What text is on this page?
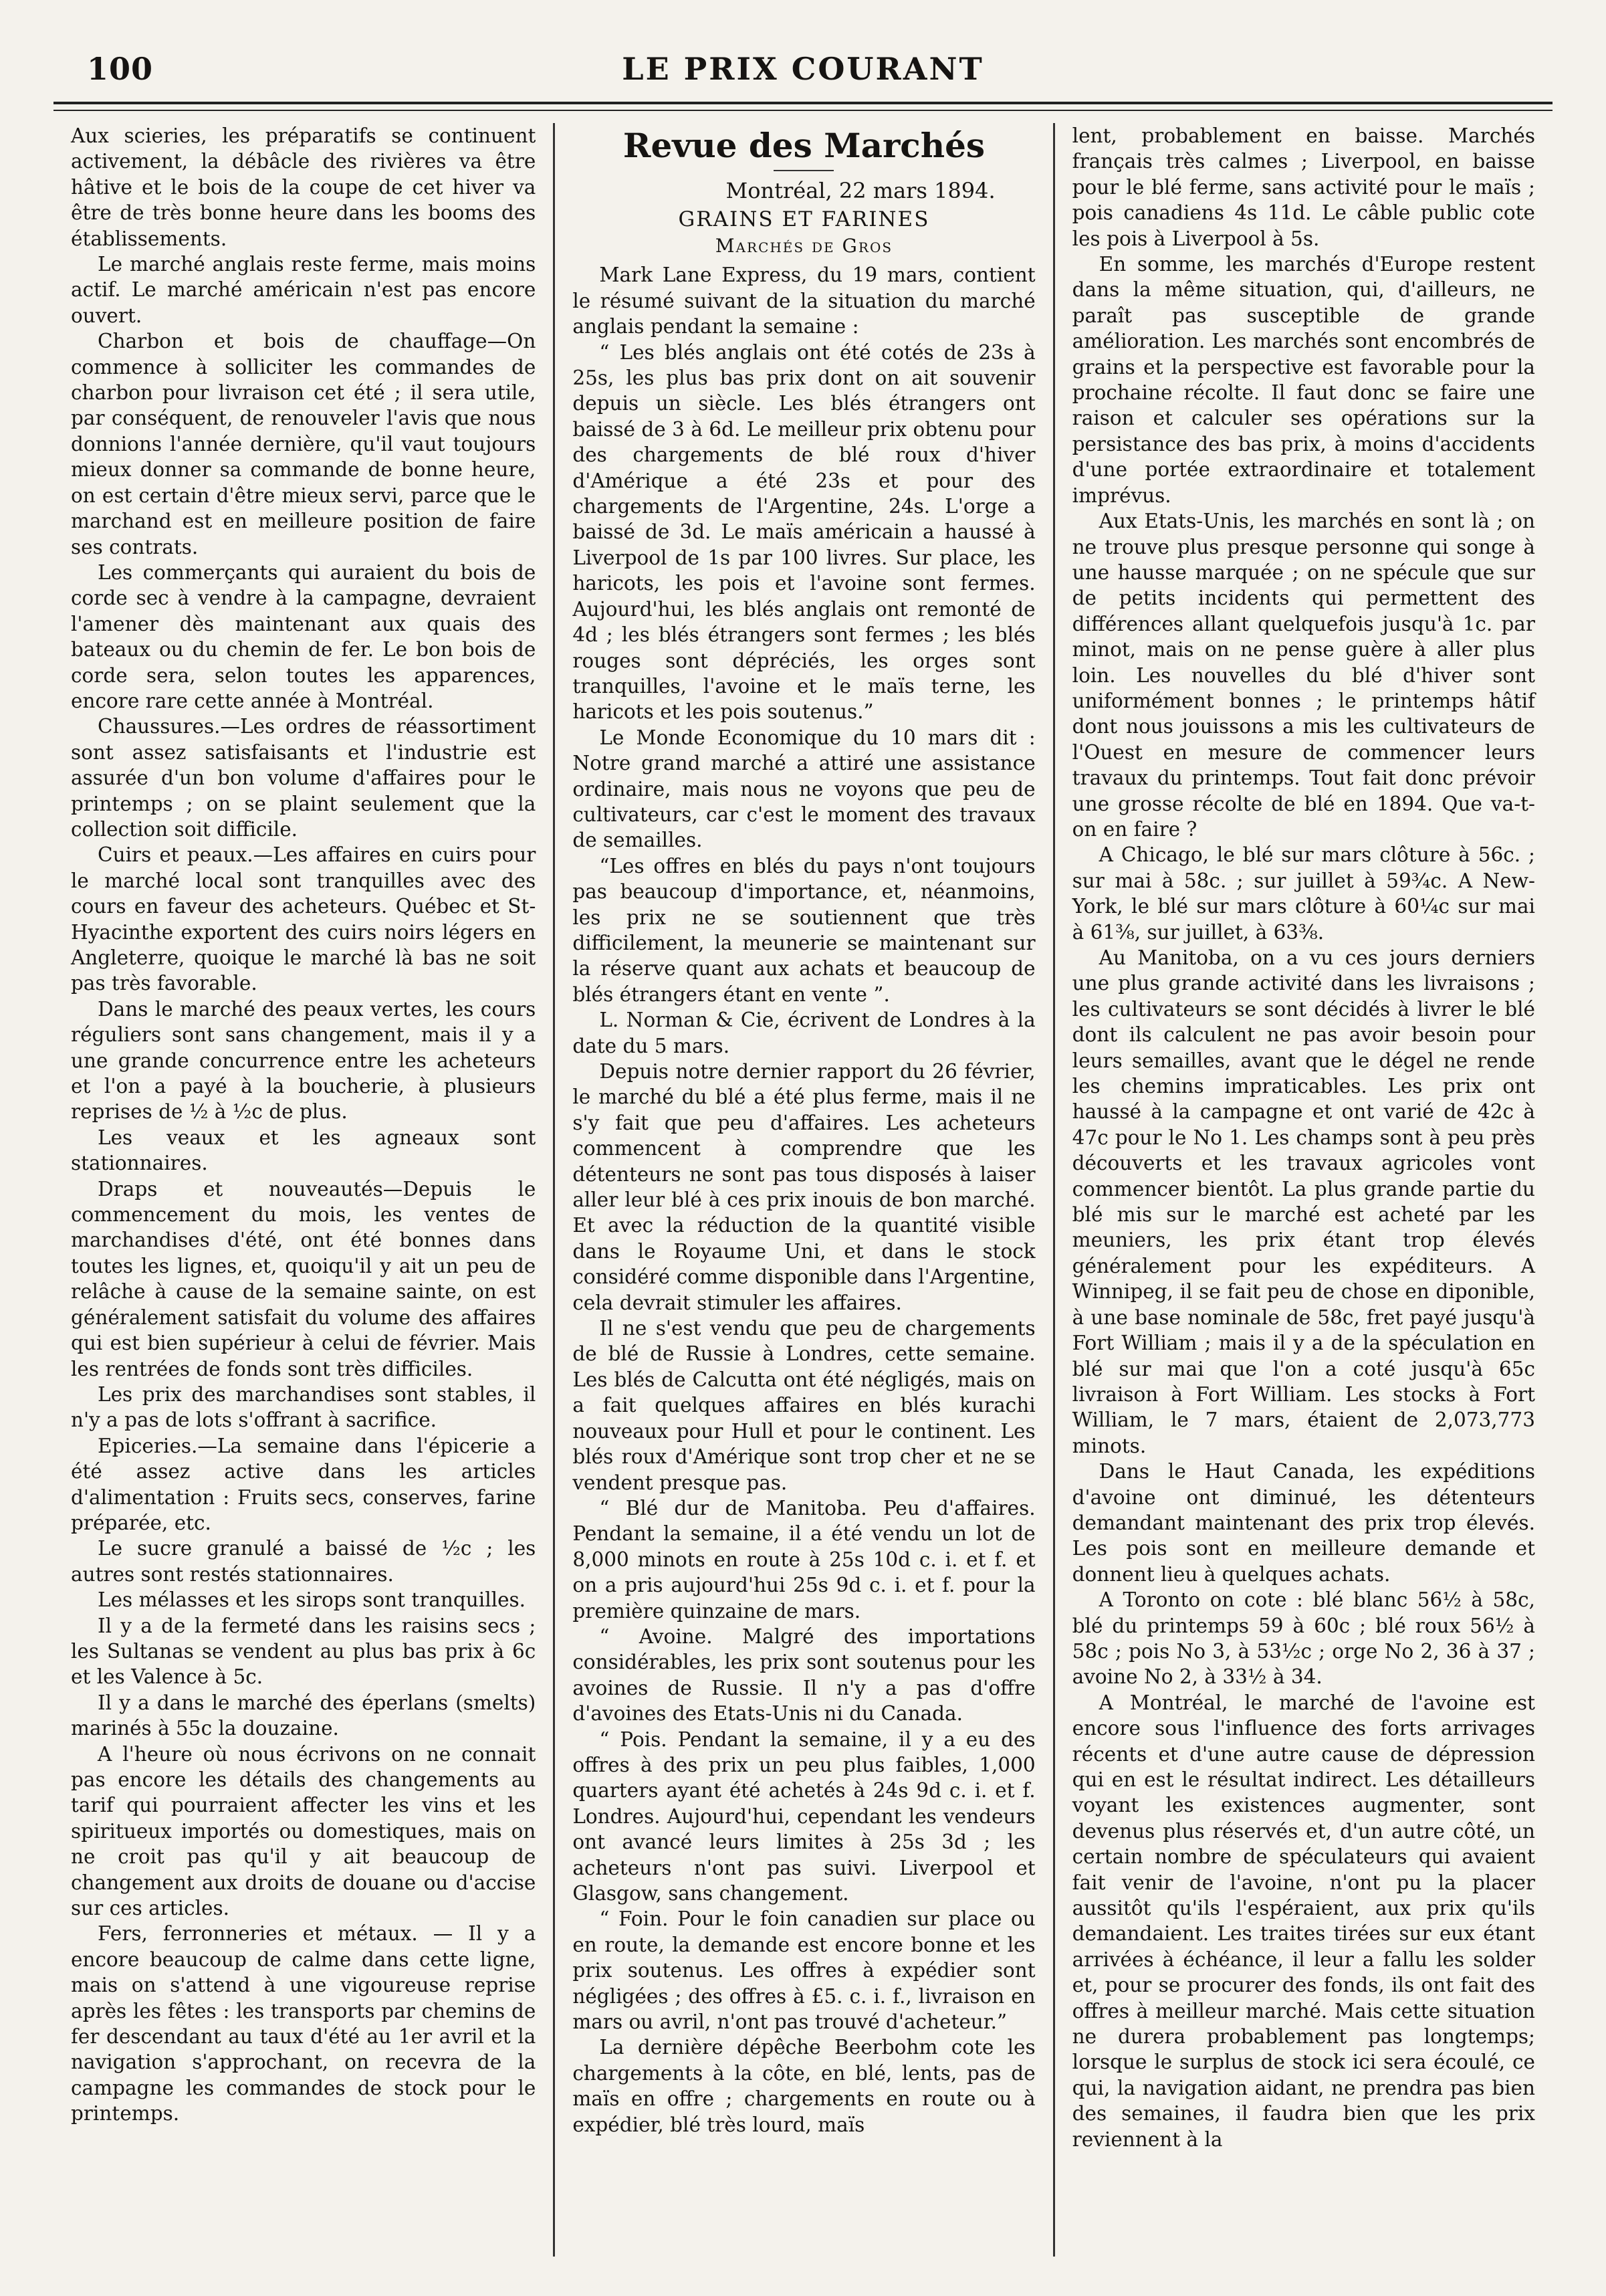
100	LE PRIX COURANT

Aux scieries, les préparatifs se continuent activement, la débâcle des rivières va être hâtive et le bois de la coupe de cet hiver va être de très bonne heure dans les booms des établissements.

Le marché anglais reste ferme, mais moins actif. Le marché américain n'est pas encore ouvert.

Charbon et bois de chauffage—On commence à solliciter les commandes de charbon pour livraison cet été ; il sera utile, par conséquent, de renouveler l'avis que nous donnions l'année dernière, qu'il vaut toujours mieux donner sa commande de bonne heure, on est certain d'être mieux servi, parce que le marchand est en meilleure position de faire ses contrats.

Les commerçants qui auraient du bois de corde sec à vendre à la campagne, devraient l'amener dès maintenant aux quais des bateaux ou du chemin de fer. Le bon bois de corde sera, selon toutes les apparences, encore rare cette année à Montréal.

Chaussures.—Les ordres de réassortiment sont assez satisfaisants et l'industrie est assurée d'un bon volume d'affaires pour le printemps ; on se plaint seulement que la collection soit difficile.

Cuirs et peaux.—Les affaires en cuirs pour le marché local sont tranquilles avec des cours en faveur des acheteurs. Québec et St-Hyacinthe exportent des cuirs noirs légers en Angleterre, quoique le marché là bas ne soit pas très favorable.

Dans le marché des peaux vertes, les cours réguliers sont sans changement, mais il y a une grande concurrence entre les acheteurs et l'on a payé à la boucherie, à plusieurs reprises de ½ à ½c de plus.

Les veaux et les agneaux sont stationnaires.

Draps et nouveautés—Depuis le commencement du mois, les ventes de marchandises d'été, ont été bonnes dans toutes les lignes, et, quoiqu'il y ait un peu de relâche à cause de la semaine sainte, on est généralement satisfait du volume des affaires qui est bien supérieur à celui de février. Mais les rentrées de fonds sont très difficiles.

Les prix des marchandises sont stables, il n'y a pas de lots s'offrant à sacrifice.

Epiceries.—La semaine dans l'épicerie a été assez active dans les articles d'alimentation : Fruits secs, conserves, farine préparée, etc.

Le sucre granulé a baissé de ½c ; les autres sont restés stationnaires.

Les mélasses et les sirops sont tranquilles.

Il y a de la fermeté dans les raisins secs ; les Sultanas se vendent au plus bas prix à 6c et les Valence à 5c.

Il y a dans le marché des éperlans (smelts) marinés à 55c la douzaine.

A l'heure où nous écrivons on ne connait pas encore les détails des changements au tarif qui pourraient affecter les vins et les spiritueux importés ou domestiques, mais on ne croit pas qu'il y ait beaucoup de changement aux droits de douane ou d'accise sur ces articles.

Fers, ferronneries et métaux. — Il y a encore beaucoup de calme dans cette ligne, mais on s'attend à une vigoureuse reprise après les fêtes : les transports par chemins de fer descendant au taux d'été au 1er avril et la navigation s'approchant, on recevra de la campagne les commandes de stock pour le printemps.

Revue des Marchés
Montréal, 22 mars 1894.
GRAINS ET FARINES
Marchés de Gros

Mark Lane Express, du 19 mars, contient le résumé suivant de la situation du marché anglais pendant la semaine :

“ Les blés anglais ont été cotés de 23s à 25s, les plus bas prix dont on ait souvenir depuis un siècle. Les blés étrangers ont baissé de 3 à 6d. Le meilleur prix obtenu pour des chargements de blé roux d'hiver d'Amérique a été 23s et pour des chargements de l'Argentine, 24s. L'orge a baissé de 3d. Le maïs américain a haussé à Liverpool de 1s par 100 livres. Sur place, les haricots, les pois et l'avoine sont fermes. Aujourd'hui, les blés anglais ont remonté de 4d ; les blés étrangers sont fermes ; les blés rouges sont dépréciés, les orges sont tranquilles, l'avoine et le maïs terne, les haricots et les pois soutenus.”

Le Monde Economique du 10 mars dit : Notre grand marché a attiré une assistance ordinaire, mais nous ne voyons que peu de cultivateurs, car c'est le moment des travaux de semailles.

“Les offres en blés du pays n'ont toujours pas beaucoup d'importance, et, néanmoins, les prix ne se soutiennent que très difficilement, la meunerie se maintenant sur la réserve quant aux achats et beaucoup de blés étrangers étant en vente ”.

L. Norman & Cie, écrivent de Londres à la date du 5 mars.

Depuis notre dernier rapport du 26 février, le marché du blé a été plus ferme, mais il ne s'y fait que peu d'affaires. Les acheteurs commencent à comprendre que les détenteurs ne sont pas tous disposés à laiser aller leur blé à ces prix inouis de bon marché. Et avec la réduction de la quantité visible dans le Royaume Uni, et dans le stock considéré comme disponible dans l'Argentine, cela devrait stimuler les affaires.

Il ne s'est vendu que peu de chargements de blé de Russie à Londres, cette semaine. Les blés de Calcutta ont été négligés, mais on a fait quelques affaires en blés kurachi nouveaux pour Hull et pour le continent. Les blés roux d'Amérique sont trop cher et ne se vendent presque pas.

“ Blé dur de Manitoba. Peu d'affaires. Pendant la semaine, il a été vendu un lot de 8,000 minots en route à 25s 10d c. i. et f. et on a pris aujourd'hui 25s 9d c. i. et f. pour la première quinzaine de mars.

“ Avoine. Malgré des importations considérables, les prix sont soutenus pour les avoines de Russie. Il n'y a pas d'offre d'avoines des Etats-Unis ni du Canada.

“ Pois. Pendant la semaine, il y a eu des offres à des prix un peu plus faibles, 1,000 quarters ayant été achetés à 24s 9d c. i. et f. Londres. Aujourd'hui, cependant les vendeurs ont avancé leurs limites à 25s 3d ; les acheteurs n'ont pas suivi. Liverpool et Glasgow, sans changement.

“ Foin. Pour le foin canadien sur place ou en route, la demande est encore bonne et les prix soutenus. Les offres à expédier sont négligées ; des offres à £5. c. i. f., livraison en mars ou avril, n'ont pas trouvé d'acheteur.”

La dernière dépêche Beerbohm cote les chargements à la côte, en blé, lents, pas de maïs en offre ; chargements en route ou à expédier, blé très lourd, maïs

lent, probablement en baisse. Marchés français très calmes ; Liverpool, en baisse pour le blé ferme, sans activité pour le maïs ; pois canadiens 4s 11d. Le câble public cote les pois à Liverpool à 5s.

En somme, les marchés d'Europe restent dans la même situation, qui, d'ailleurs, ne paraît pas susceptible de grande amélioration. Les marchés sont encombrés de grains et la perspective est favorable pour la prochaine récolte. Il faut donc se faire une raison et calculer ses opérations sur la persistance des bas prix, à moins d'accidents d'une portée extraordinaire et totalement imprévus.

Aux Etats-Unis, les marchés en sont là ; on ne trouve plus presque personne qui songe à une hausse marquée ; on ne spécule que sur de petits incidents qui permettent des différences allant quelquefois jusqu'à 1c. par minot, mais on ne pense guère à aller plus loin. Les nouvelles du blé d'hiver sont uniformément bonnes ; le printemps hâtif dont nous jouissons a mis les cultivateurs de l'Ouest en mesure de commencer leurs travaux du printemps. Tout fait donc prévoir une grosse récolte de blé en 1894. Que va-t-on en faire ?

A Chicago, le blé sur mars clôture à 56c. ; sur mai à 58c. ; sur juillet à 59¾c. A New-York, le blé sur mars clôture à 60¼c sur mai à 61⅜, sur juillet, à 63⅜.

Au Manitoba, on a vu ces jours derniers une plus grande activité dans les livraisons ; les cultivateurs se sont décidés à livrer le blé dont ils calculent ne pas avoir besoin pour leurs semailles, avant que le dégel ne rende les chemins impraticables. Les prix ont haussé à la campagne et ont varié de 42c à 47c pour le No 1. Les champs sont à peu près découverts et les travaux agricoles vont commencer bientôt. La plus grande partie du blé mis sur le marché est acheté par les meuniers, les prix étant trop élevés généralement pour les expéditeurs. A Winnipeg, il se fait peu de chose en diponible, à une base nominale de 58c, fret payé jusqu'à Fort William ; mais il y a de la spéculation en blé sur mai que l'on a coté jusqu'à 65c livraison à Fort William. Les stocks à Fort William, le 7 mars, étaient de 2,073,773 minots.

Dans le Haut Canada, les expéditions d'avoine ont diminué, les détenteurs demandant maintenant des prix trop élevés. Les pois sont en meilleure demande et donnent lieu à quelques achats.

A Toronto on cote : blé blanc 56½ à 58c, blé du printemps 59 à 60c ; blé roux 56½ à 58c ; pois No 3, à 53½c ; orge No 2, 36 à 37 ; avoine No 2, à 33½ à 34.

A Montréal, le marché de l'avoine est encore sous l'influence des forts arrivages récents et d'une autre cause de dépression qui en est le résultat indirect. Les détailleurs voyant les existences augmenter, sont devenus plus réservés et, d'un autre côté, un certain nombre de spéculateurs qui avaient fait venir de l'avoine, n'ont pu la placer aussitôt qu'ils l'espéraient, aux prix qu'ils demandaient. Les traites tirées sur eux étant arrivées à échéance, il leur a fallu les solder et, pour se procurer des fonds, ils ont fait des offres à meilleur marché. Mais cette situation ne durera probablement pas longtemps; lorsque le surplus de stock ici sera écoulé, ce qui, la navigation aidant, ne prendra pas bien des semaines, il faudra bien que les prix reviennent à la
